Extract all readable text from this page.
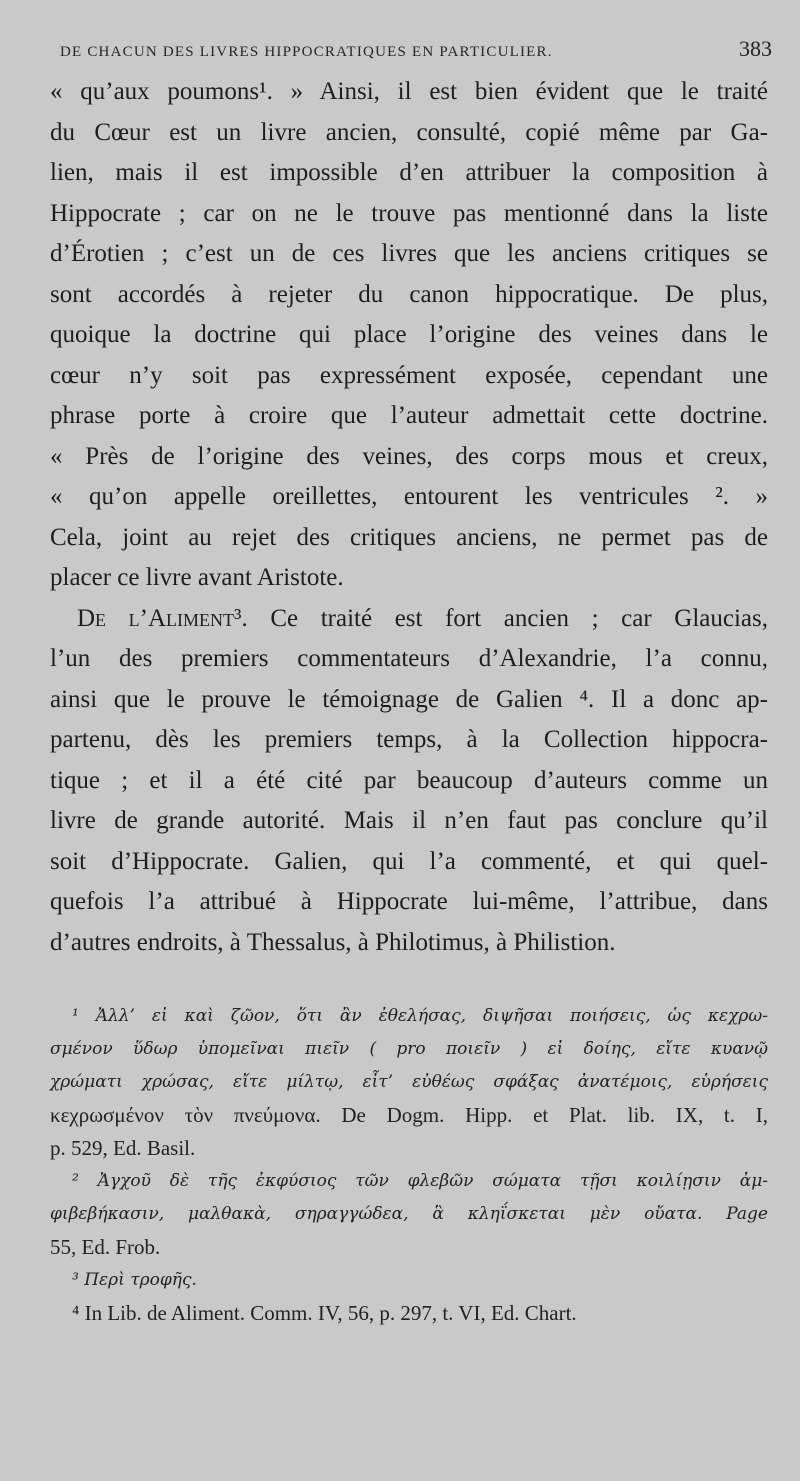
DE CHACUN DES LIVRES HIPPOCRATIQUES EN PARTICULIER.	383

« qu’aux poumons¹. » Ainsi, il est bien évident que le traité
du Cœur est un livre ancien, consulté, copié même par Ga-
lien, mais il est impossible d’en attribuer la composition à
Hippocrate ; car on ne le trouve pas mentionné dans la liste
d’Érotien ; c’est un de ces livres que les anciens critiques se
sont accordés à rejeter du canon hippocratique. De plus,
quoique la doctrine qui place l’origine des veines dans le
cœur n’y soit pas expressément exposée, cependant une
phrase porte à croire que l’auteur admettait cette doctrine.
« Près de l’origine des veines, des corps mous et creux,
« qu’on appelle oreillettes, entourent les ventricules ². »
Cela, joint au rejet des critiques anciens, ne permet pas de
placer ce livre avant Aristote.

De l’Aliment³. Ce traité est fort ancien ; car Glaucias,
l’un des premiers commentateurs d’Alexandrie, l’a connu,
ainsi que le prouve le témoignage de Galien ⁴. Il a donc ap-
partenu, dès les premiers temps, à la Collection hippocra-
tique ; et il a été cité par beaucoup d’auteurs comme un
livre de grande autorité. Mais il n’en faut pas conclure qu’il
soit d’Hippocrate. Galien, qui l’a commenté, et qui quel-
quefois l’a attribué à Hippocrate lui-même, l’attribue, dans
d’autres endroits, à Thessalus, à Philotimus, à Philistion.

¹ Ἀλλ’ εἰ καὶ ζῶον, ὅτι ἂν ἐθελήσας, διψῆσαι ποιήσεις, ὡς κεχρω-
σμένον ὕδωρ ὑπομεῖναι πιεῖν ( pro ποιεῖν ) εἰ δοίης, εἴτε κυανῷ
χρώματι χρώσας, εἴτε μίλτῳ, εἶτ’ εὐθέως σφάξας ἀνατέμοις, εὑρήσεις
κεχρωσμένον τὸν πνεύμονα. De Dogm. Hipp. et Plat. lib. IX, t. I,
p. 529, Ed. Basil.

² Ἀγχοῦ δὲ τῆς ἐκφύσιος τῶν φλεβῶν σώματα τῇσι κοιλίῃσιν ἀμ-
φιβεβήκασιν, μαλθακὰ, σηραγγώδεα, ἃ κληΐσκεται μὲν οὔατα. Page
55, Ed. Frob.

³ Περὶ τροφῆς.

⁴ In Lib. de Aliment. Comm. IV, 56, p. 297, t. VI, Ed. Chart.
